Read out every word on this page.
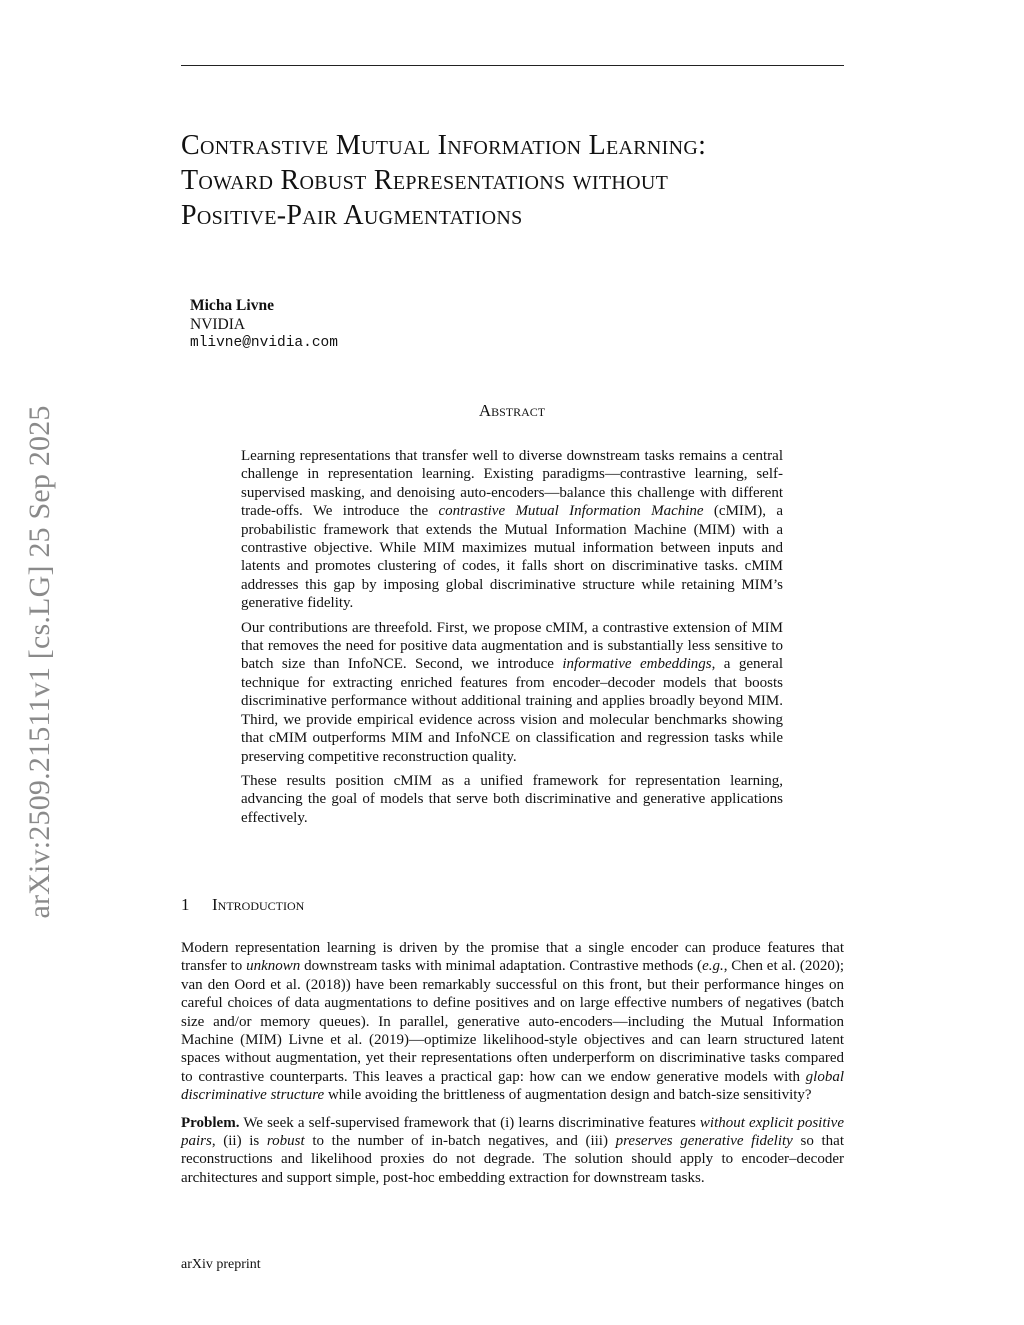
arXiv:2509.21511v1 [cs.LG] 25 Sep 2025
Contrastive Mutual Information Learning:
Toward Robust Representations without
Positive-Pair Augmentations
Micha Livne
NVIDIA
mlivne@nvidia.com
Abstract

Learning representations that transfer well to diverse downstream tasks remains a central challenge in representation learning. Existing paradigms—contrastive learning, self-supervised masking, and denoising auto-encoders—balance this challenge with different trade-offs. We introduce the contrastive Mutual Information Machine (cMIM), a probabilistic framework that extends the Mutual Information Machine (MIM) with a contrastive objective. While MIM maximizes mutual information between inputs and latents and promotes clustering of codes, it falls short on discriminative tasks. cMIM addresses this gap by imposing global discriminative structure while retaining MIM’s generative fidelity.

Our contributions are threefold. First, we propose cMIM, a contrastive extension of MIM that removes the need for positive data augmentation and is substantially less sensitive to batch size than InfoNCE. Second, we introduce informative embeddings, a general technique for extracting enriched features from encoder–decoder models that boosts discriminative performance without additional training and applies broadly beyond MIM. Third, we provide empirical evidence across vision and molecular benchmarks showing that cMIM outperforms MIM and InfoNCE on classification and regression tasks while preserving competitive reconstruction quality.

These results position cMIM as a unified framework for representation learning, advancing the goal of models that serve both discriminative and generative applications effectively.

1 Introduction

Modern representation learning is driven by the promise that a single encoder can produce features that transfer to unknown downstream tasks with minimal adaptation. Contrastive methods (e.g., Chen et al. (2020); van den Oord et al. (2018)) have been remarkably successful on this front, but their performance hinges on careful choices of data augmentations to define positives and on large effective numbers of negatives (batch size and/or memory queues). In parallel, generative auto-encoders—including the Mutual Information Machine (MIM) Livne et al. (2019)—optimize likelihood-style objectives and can learn structured latent spaces without augmentation, yet their representations often underperform on discriminative tasks compared to contrastive counterparts. This leaves a practical gap: how can we endow generative models with global discriminative structure while avoiding the brittleness of augmentation design and batch-size sensitivity?

Problem. We seek a self-supervised framework that (i) learns discriminative features without explicit positive pairs, (ii) is robust to the number of in-batch negatives, and (iii) preserves generative fidelity so that reconstructions and likelihood proxies do not degrade. The solution should apply to encoder–decoder architectures and support simple, post-hoc embedding extraction for downstream tasks.

arXiv preprint
